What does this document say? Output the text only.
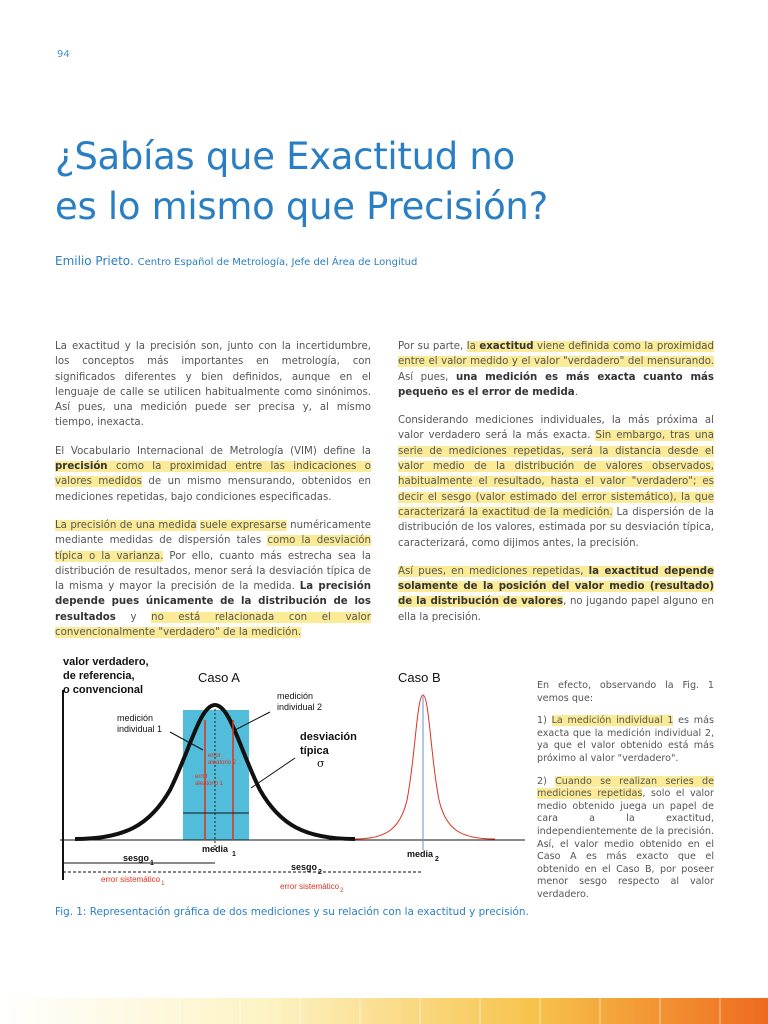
94
¿Sabías que Exactitud no
es lo mismo que Precisión?
Emilio Prieto. Centro Español de Metrología, Jefe del Área de Longitud

La exactitud y la precisión son, junto con la incertidumbre, los conceptos más importantes en metrología, con significados diferentes y bien definidos, aunque en el lenguaje de calle se utilicen habitualmente como sinónimos. Así pues, una medición puede ser precisa y, al mismo tiempo, inexacta.

El Vocabulario Internacional de Metrología (VIM) define la precisión como la proximidad entre las indicaciones o valores medidos de un mismo mensurando, obtenidos en mediciones repetidas, bajo condiciones especificadas.

La precisión de una medida suele expresarse numéricamente mediante medidas de dispersión tales como la desviación típica o la varianza. Por ello, cuanto más estrecha sea la distribución de resultados, menor será la desviación típica de la misma y mayor la precisión de la medida. La precisión depende pues únicamente de la distribución de los resultados y no está relacionada con el valor convencionalmente "verdadero" de la medición.

Por su parte, la exactitud viene definida como la proximidad entre el valor medido y el valor "verdadero" del mensurando. Así pues, una medición es más exacta cuanto más pequeño es el error de medida.

Considerando mediciones individuales, la más próxima al valor verdadero será la más exacta. Sin embargo, tras una serie de mediciones repetidas, será la distancia desde el valor medio de la distribución de valores observados, habitualmente el resultado, hasta el valor "verdadero"; es decir el sesgo (valor estimado del error sistemático), la que caracterizará la exactitud de la medición. La dispersión de la distribución de los valores, estimada por su desviación típica, caracterizará, como dijimos antes, la precisión.

Así pues, en mediciones repetidas, la exactitud depende solamente de la posición del valor medio (resultado) de la distribución de valores, no jugando papel alguno en ella la precisión.

valor verdadero,
de referencia,
o convencional
Caso A	Caso B
medición
individual 1
medición
individual 2
desviación
típica
σ
error
aleatorio 2
error
aleatorio 1
media$_1$	media$_2$
sesgo$_1$	sesgo$_2$
error sistemático$_1$	error sistemático$_2$

En efecto, observando la Fig. 1 vemos que:

1) La medición individual 1 es más exacta que la medición individual 2, ya que el valor obtenido está más próximo al valor "verdadero".

2) Cuando se realizan series de mediciones repetidas, solo el valor medio obtenido juega un papel de cara a la exactitud, independientemente de la precisión. Así, el valor medio obtenido en el Caso A es más exacto que el obtenido en el Caso B, por poseer menor sesgo respecto al valor verdadero.

Fig. 1: Representación gráfica de dos mediciones y su relación con la exactitud y precisión.
